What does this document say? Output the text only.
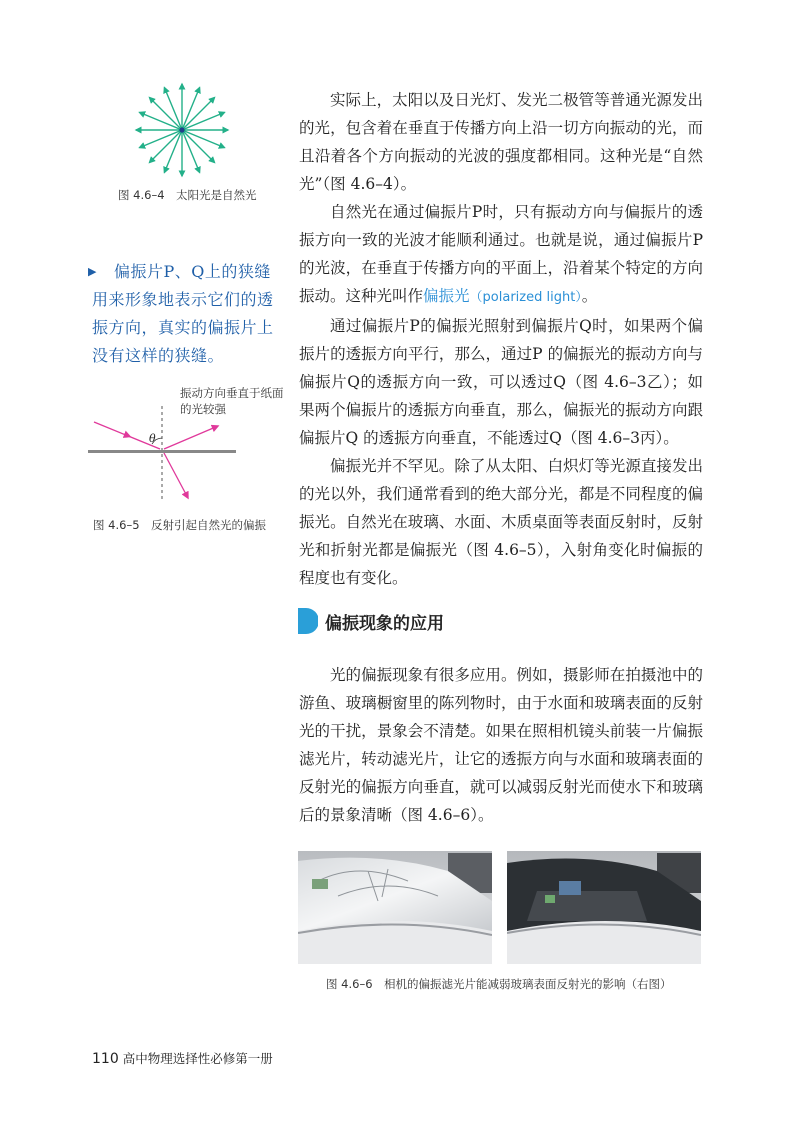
图 4.6–4　太阳光是自然光
▶	偏振片P、Q上的狭缝用来形象地表示它们的透振方向，真实的偏振片上没有这样的狭缝。
振动方向垂直于纸面的光较强
θ
图 4.6–5　反射引起自然光的偏振

实际上，太阳以及日光灯、发光二极管等普通光源发出的光，包含着在垂直于传播方向上沿一切方向振动的光，而且沿着各个方向振动的光波的强度都相同。这种光是“自然光”（图 4.6–4）。

自然光在通过偏振片P时，只有振动方向与偏振片的透振方向一致的光波才能顺利通过。也就是说，通过偏振片P 的光波，在垂直于传播方向的平面上，沿着某个特定的方向振动。这种光叫作偏振光（polarized light）。

通过偏振片P的偏振光照射到偏振片Q时，如果两个偏振片的透振方向平行，那么，通过P 的偏振光的振动方向与偏振片Q的透振方向一致，可以透过Q（图 4.6–3乙）；如果两个偏振片的透振方向垂直，那么，偏振光的振动方向跟偏振片Q 的透振方向垂直，不能透过Q（图 4.6–3丙）。

偏振光并不罕见。除了从太阳、白炽灯等光源直接发出的光以外，我们通常看到的绝大部分光，都是不同程度的偏振光。自然光在玻璃、水面、木质桌面等表面反射时，反射光和折射光都是偏振光（图 4.6–5），入射角变化时偏振的程度也有变化。

偏振现象的应用

光的偏振现象有很多应用。例如，摄影师在拍摄池中的游鱼、玻璃橱窗里的陈列物时，由于水面和玻璃表面的反射光的干扰，景象会不清楚。如果在照相机镜头前装一片偏振滤光片，转动滤光片，让它的透振方向与水面和玻璃表面的反射光的偏振方向垂直，就可以减弱反射光而使水下和玻璃后的景象清晰（图 4.6–6）。

图 4.6–6　相机的偏振滤光片能减弱玻璃表面反射光的影响（右图）
110 高中物理选择性必修第一册
